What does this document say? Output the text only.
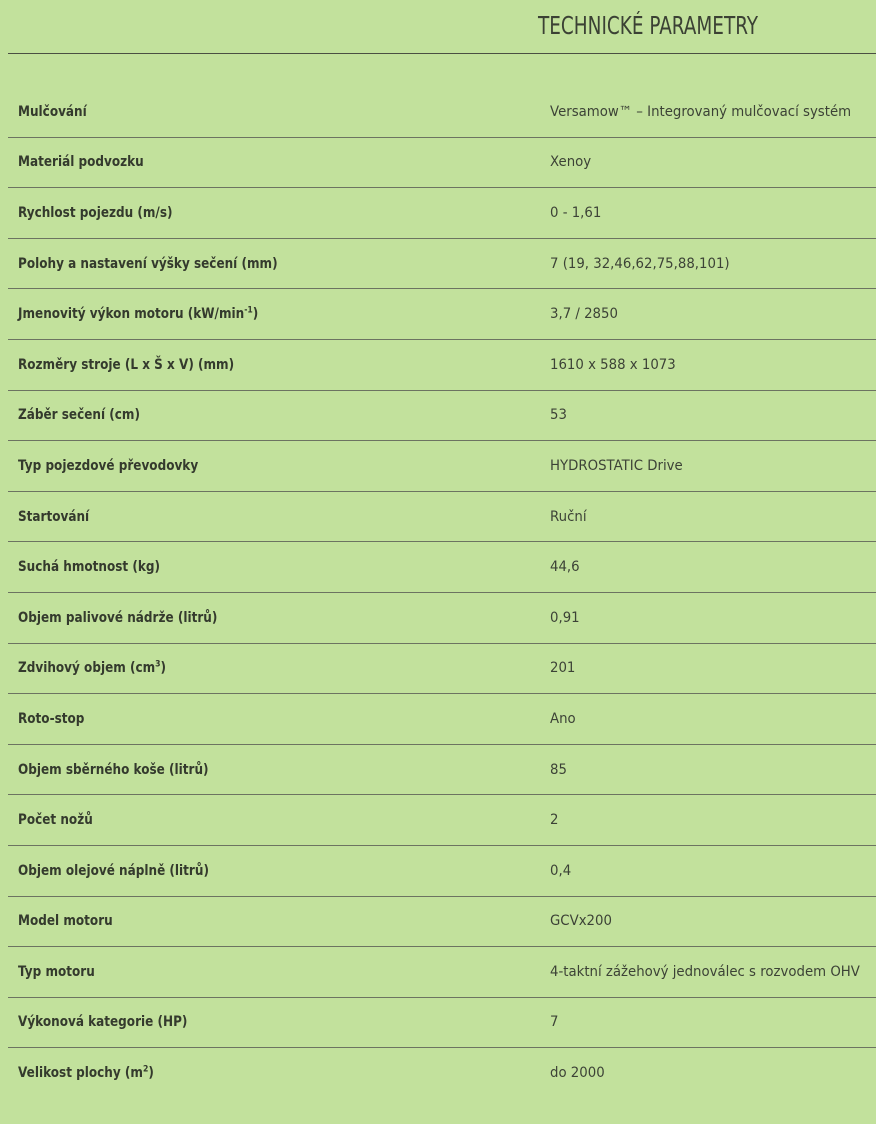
TECHNICKÉ PARAMETRY
Mulčování	Versamow™ – Integrovaný mulčovací systém
Materiál podvozku	Xenoy
Rychlost pojezdu (m/s)	0 - 1,61
Polohy a nastavení výšky sečení (mm)	7 (19, 32,46,62,75,88,101)
Jmenovitý výkon motoru $(kW/\min^{-1})$	3,7 / 2850
Rozměry stroje (L x Š x V) (mm)	1610 x 588 x 1073
Záběr sečení (cm)	53
Typ pojezdové převodovky	HYDROSTATIC Drive
Startování	Ruční
Suchá hmotnost (kg)	44,6
Objem palivové nádrže (litrů)	0,91
Zdvihový objem $(cm^3)$	201
Roto-stop	Ano
Objem sběrného koše (litrů)	85
Počet nožů	2
Objem olejové náplně (litrů)	0,4
Model motoru	GCVx200
Typ motoru	4-taktní zážehový jednoválec s rozvodem OHV
Výkonová kategorie (HP)	7
Velikost plochy $(m^2)$	do 2000
